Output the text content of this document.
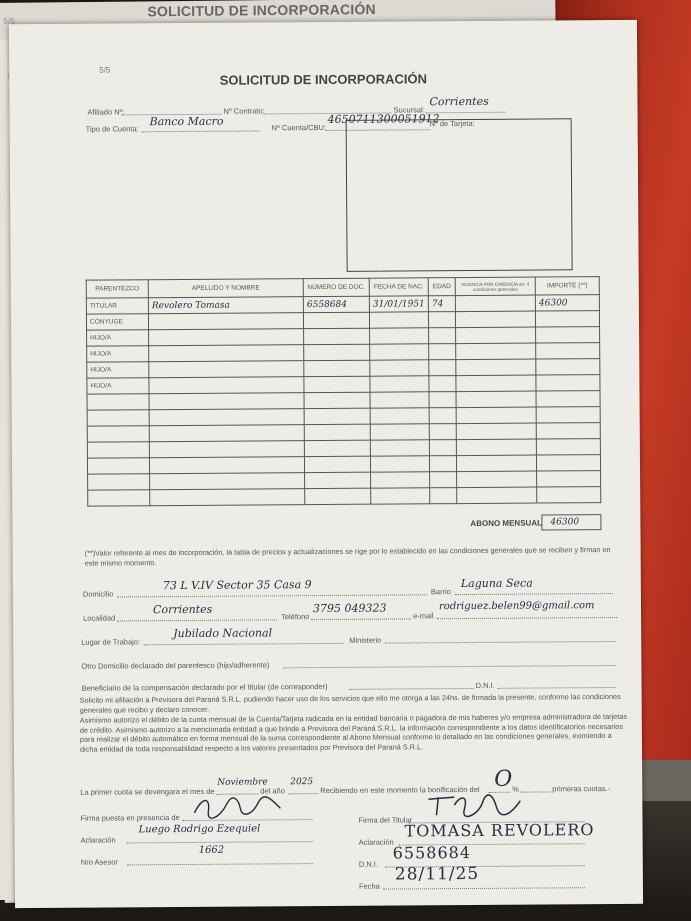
5/5
SOLICITUD DE INCORPORACIÓN
5/5
SOLICITUD DE INCORPORACIÓN
Afiliado Nº:	Nº Contrato:	Sucursal:
Corrientes
Tipo de Cuenta:
Banco Macro	Nº Cuenta/CBU:
4650711300051912
Nº de Tarjeta:
PARENTEZCO	APELLIDO Y NOMBRE	NÚMERO DE DOC.	FECHA DE NAC.	EDAD	VIGENCIA POR CARENCIA art. 4 condiciones generales	IMPORTE (**)
TITULAR	Revolero Tomasa	6558684	31/01/1951	74		46300
CÓNYUGE						
HIJO/A						
HIJO/A						
HIJO/A						
HIJO/A						

ABONO MENSUAL 46300
(**)Valor referente al mes de incorporación, la tabla de precios y actualizaciones se rige por lo establecido en las condiciones generales que se reciben y firman en este mismo momento.
Domicilio
73 L V.IV Sector 35 Casa 9	Barrio
Laguna Seca
Localidad
Corrientes
Teléfono
3795 049323
e-mail
rodriguez.belen99@gmail.com
Lugar de Trabajo:
Jubilado Nacional
Ministerio
Otro Domicilio declarado del parentesco (hijo/adherente)
Beneficiario de la compensación declarado por el titular (de corresponder)	D.N.I.
Solicito mi afiliación a Previsora del Paraná S.R.L. pudiendo hacer uso de los servicios que ello me otorga a las 24hs. de firmada la presente, conforme las condiciones generales que recibo y declaro conocer.
Asimismo autorizo el débito de la cuota mensual de la Cuenta/Tarjeta radicada en la entidad bancaria o pagadora de mis haberes y/o empresa administradora de tarjetas de crédito. Asimismo autorizo a la mencionada entidad a que brinde a Previsora del Paraná S.R.L. la información correspondiente a los datos identificatorios necesarios para realizar el débito automático en forma mensual de la suma correspondiente al Abono Mensual conforme lo detallado en las condiciones generales, eximiendo a dicha entidad de toda responsabilidad respecto a los valores presentados por Previsora del Paraná S.R.L.
La primer cuota se devengara el mes de
Noviembre
del año
2025
Recibiendo en este momento la bonificación del O %	primeras cuotas.-
Firma puesta en presencia de
Aclaración
Luego Rodrigo Ezequiel
Nro Asesor
1662
Firma del Titular
Aclaración
TOMASA REVOLERO
D.N.I.
6558684
Fecha
28/11/25
